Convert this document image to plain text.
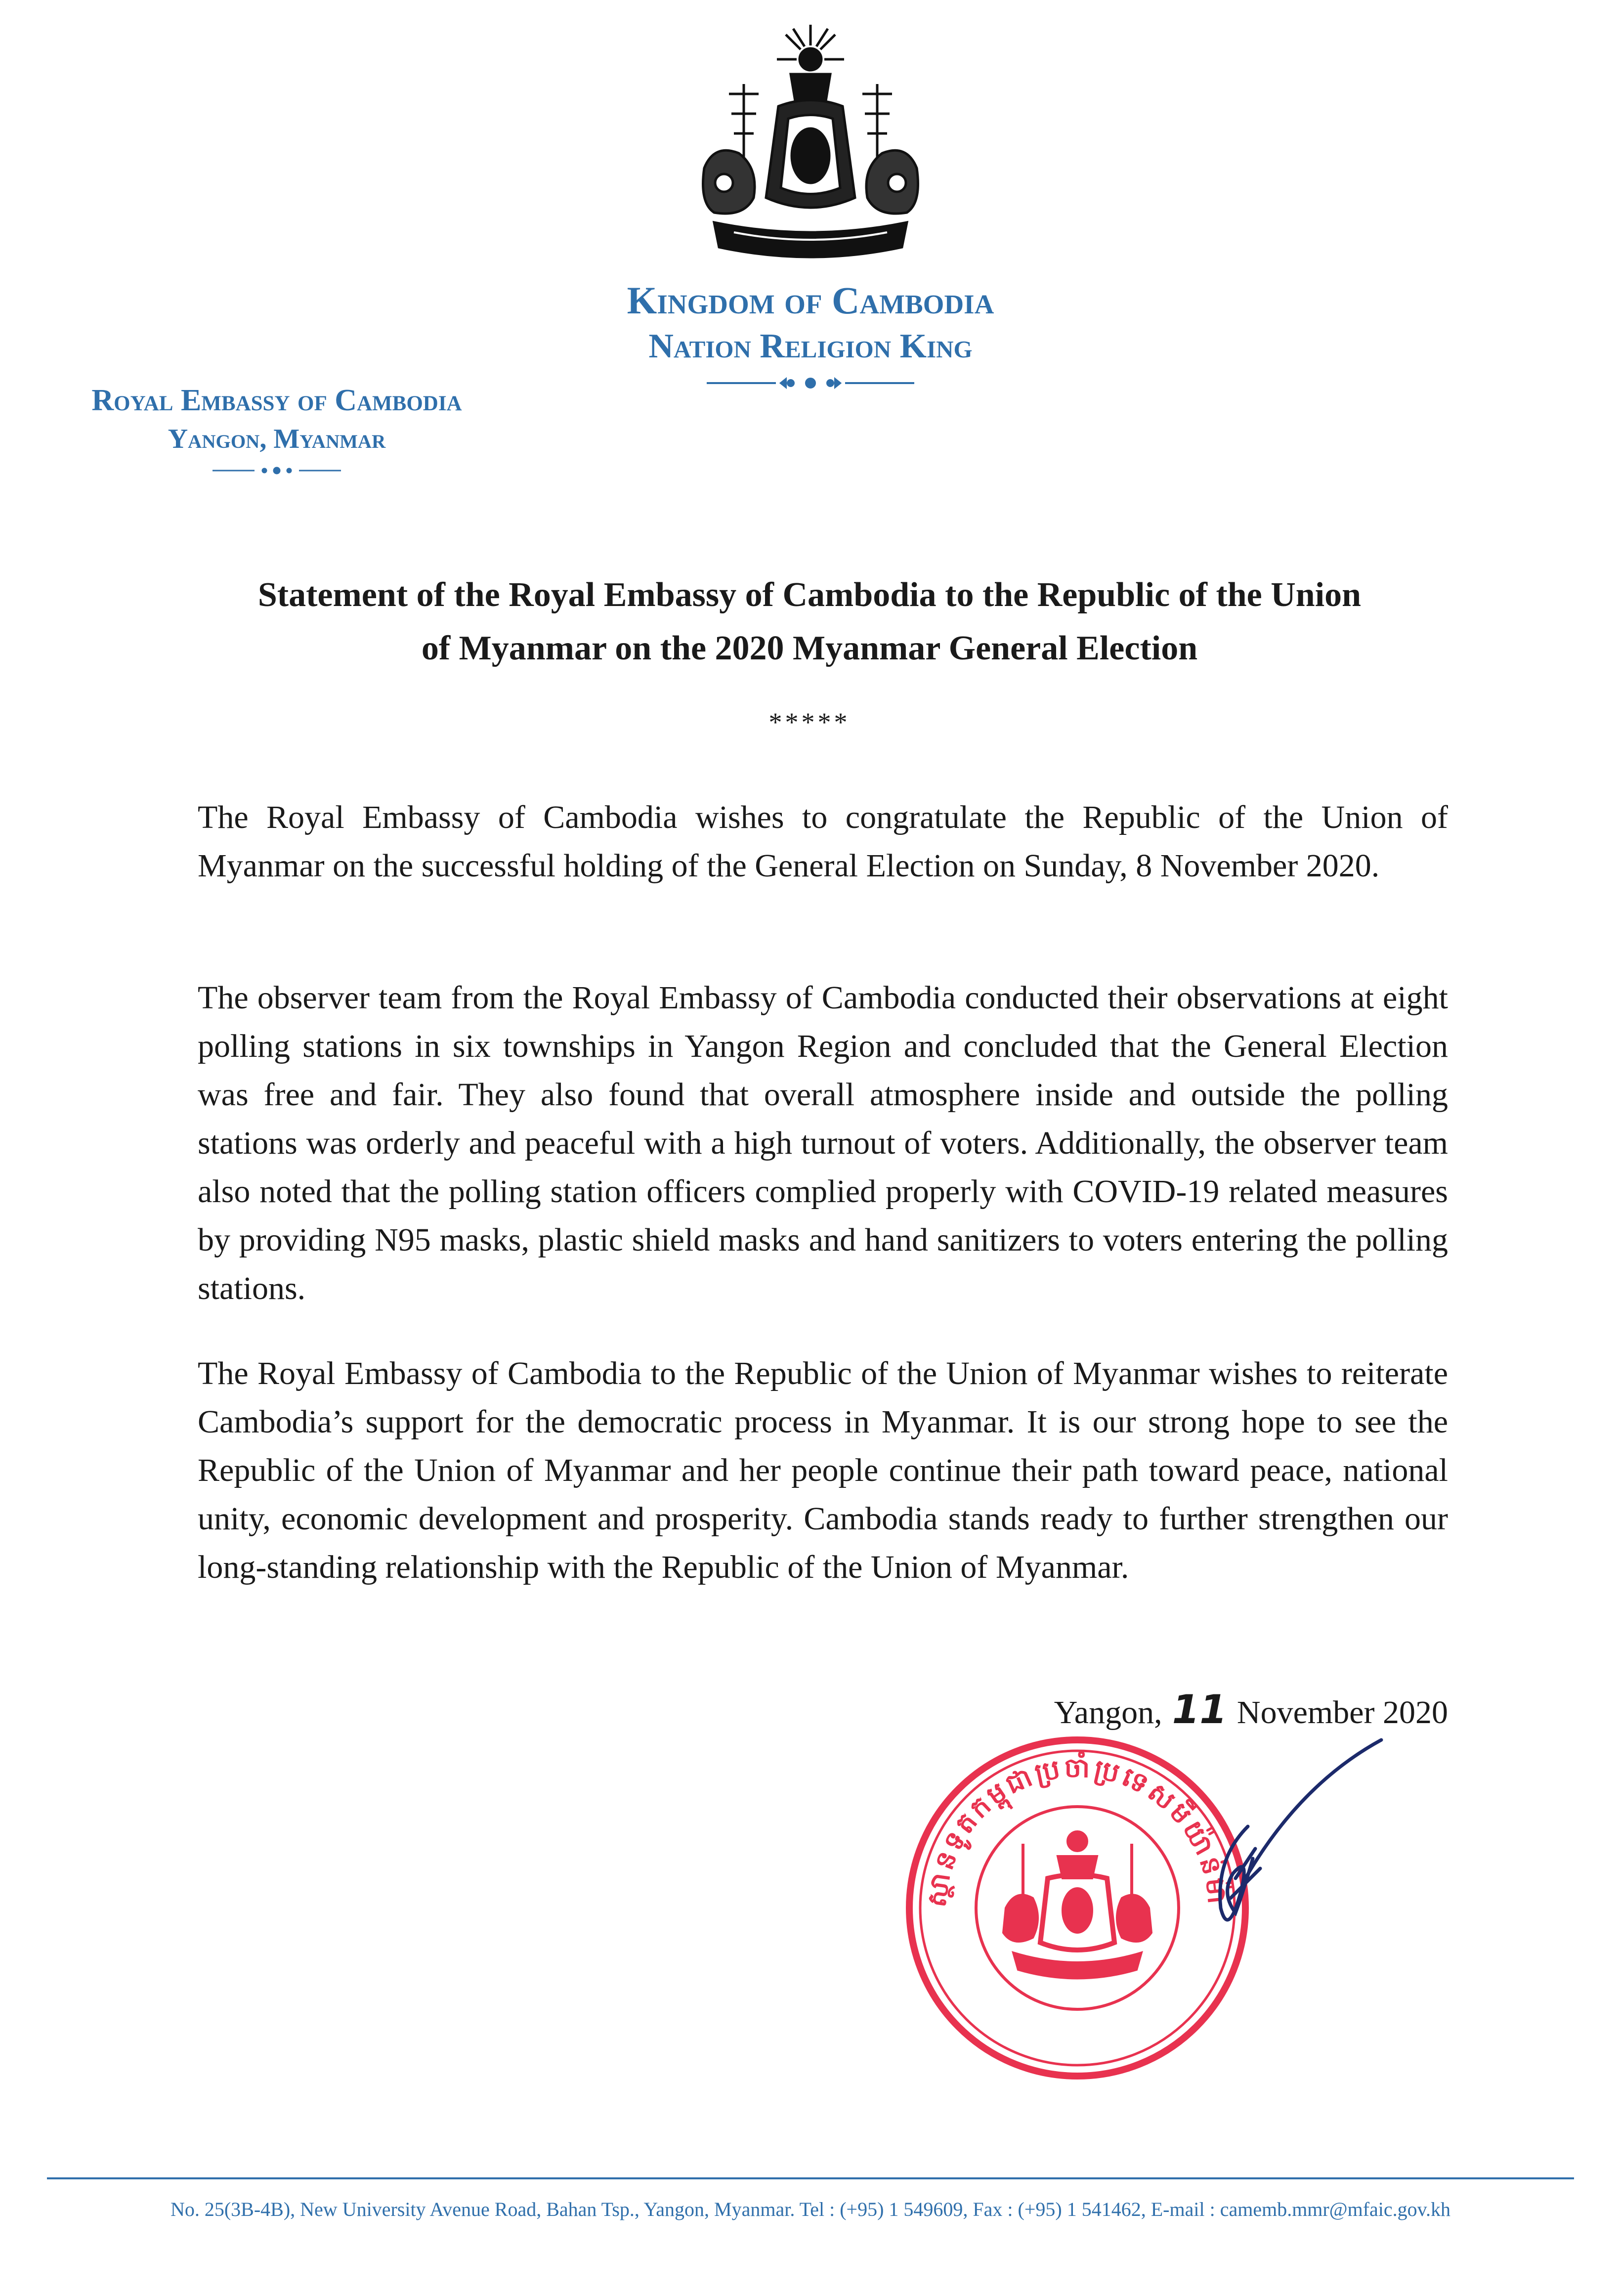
Kingdom of Cambodia
Nation Religion King
Royal Embassy of Cambodia
Yangon, Myanmar
Statement of the Royal Embassy of Cambodia to the Republic of the Union
of Myanmar on the 2020 Myanmar General Election
*****

The Royal Embassy of Cambodia wishes to congratulate the Republic of the Union of Myanmar on the successful holding of the General Election on Sunday, 8 November 2020.

The observer team from the Royal Embassy of Cambodia conducted their observations at eight polling stations in six townships in Yangon Region and concluded that the General Election was free and fair. They also found that overall atmosphere inside and outside the polling stations was orderly and peaceful with a high turnout of voters. Additionally, the observer team also noted that the polling station officers complied properly with COVID-19 related measures by providing N95 masks, plastic shield masks and hand sanitizers to voters entering the polling stations.

The Royal Embassy of Cambodia to the Republic of the Union of Myanmar wishes to reiterate Cambodia’s support for the democratic process in Myanmar. It is our strong hope to see the Republic of the Union of Myanmar and her people continue their path toward peace, national unity, economic development and prosperity. Cambodia stands ready to further strengthen our long-standing relationship with the Republic of the Union of Myanmar.

Yangon, 11 November 2020
ស្ថានទូតកម្ពុជាប្រចាំប្រទេសមីយ៉ាន់ម៉ា
No. 25(3B-4B), New University Avenue Road, Bahan Tsp., Yangon, Myanmar. Tel : (+95) 1 549609, Fax : (+95) 1 541462, E-mail : camemb.mmr@mfaic.gov.kh
